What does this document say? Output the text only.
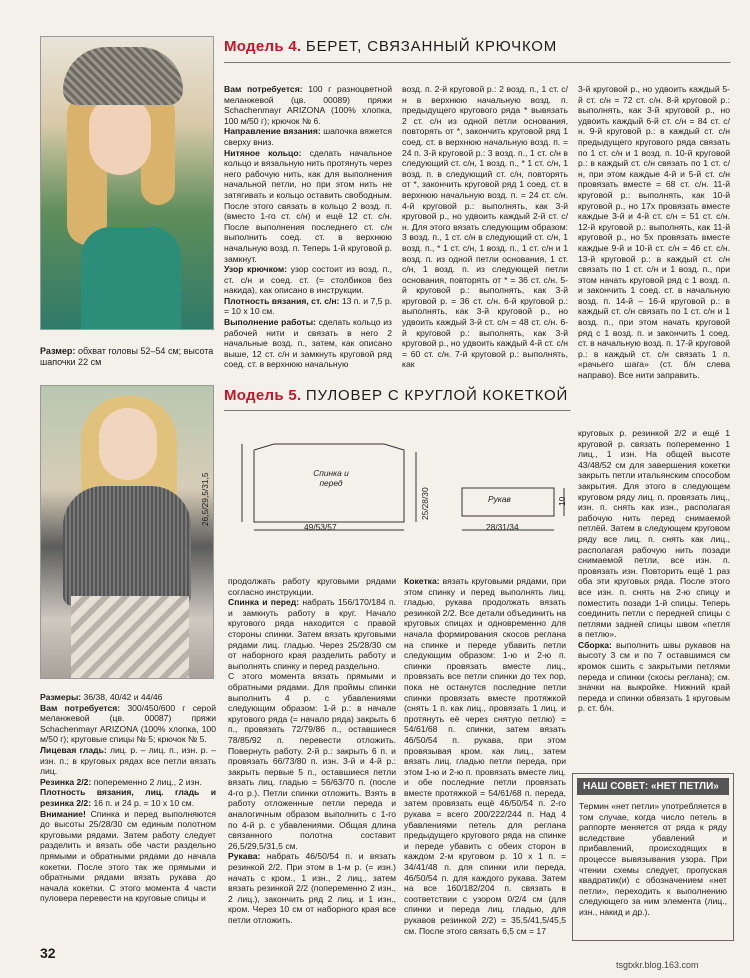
Размер: обхват головы 52–54 см; высота шапочки 22 см
Модель 4. БЕРЕТ, СВЯЗАННЫЙ КРЮЧКОМ

Вам потребуется: 100 г разноцветной меланжевой (цв. 00089) пряжи Schachenmayr ARIZONA (100% хлопка, 100 м/50 г); крючок № 6.

Направление вязания: шапочка вяжется сверху вниз.

Нитяное кольцо: сделать начальное кольцо и вязальную нить протянуть через него рабочую нить, как для выполнения начальной петли, но при этом нить не затягивать и кольцо оставить свободным. После этого связать в кольцо 2 возд. п. (вместо 1-го ст. с/н) и ещё 12 ст. с/н. После выполнения последнего ст. с/н выполнить соед. ст. в верхнюю начальную возд. п. Теперь 1-й круговой р. замкнут.

Узор крючком: узор состоит из возд. п., ст. с/н и соед. ст. (= столбиков без накида), как описано в инструкции.

Плотность вязания, ст. с/н: 13 п. и 7,5 р. = 10 x 10 см.

Выполнение работы: сделать кольцо из рабочей нити и связать в него 2 начальные возд. п., затем, как описано выше, 12 ст. с/н и замкнуть круговой ряд соед. ст. в верхнюю начальную

возд. п. 2-й круговой р.: 2 возд. п., 1 ст. с/н в верхнюю начальную возд. п. предыдущего кругового ряда * вывязать 2 ст. с/н из одной петли основания, повторять от *, закончить круговой ряд 1 соед. ст. в верхнюю начальную возд. п. = 24 п. 3-й круговой р.: 3 возд. п., 1 ст. с/н в следующий ст. с/н, 1 возд. п., * 1 ст. с/н, 1 возд. п. в следующий ст. с/н, повторять от *, закончить круговой ряд 1 соед. ст. в верхнюю начальную возд. п. = 24 ст. с/н. 4-й круговой р.: выполнять, как 3-й круговой р., но удвоить каждый 2-й ст. с/н. Для этого вязать следующим образом: 3 возд. п., 1 ст. с/н в следующий ст. с/н, 1 возд. п., * 1 ст. с/н, 1 возд. п., 1 ст. с/н и 1 возд. п. из одной петли основания, 1 ст. с/н, 1 возд. п. из следующей петли основания, повторять от * = 36 ст. с/н. 5-й круговой р.: выполнять, как 3-й круговой р. = 36 ст. с/н. 6-й круговой р.: выполнять, как 3-й круговой р., но удвоить каждый 3-й ст. с/н = 48 ст. с/н. 6-й круговой р.: выполнять, как 3-й круговой р., но удвоить каждый 4-й ст. с/н = 60 ст. с/н. 7-й круговой р.: выполнять, как

3-й круговой р., но удвоить каждый 5-й ст. с/н = 72 ст. с/н. 8-й круговой р.: выполнять, как 3-й круговой р., но удвоить каждый 6-й ст. с/н = 84 ст. с/н. 9-й круговой р.: в каждый ст. с/н предыдущего кругового ряда связать по 1 ст. с/н и 1 возд. п. 10-й круговой р.: в каждый ст. с/н связать по 1 ст. с/н, при этом каждые 4-й и 5-й ст. с/н провязать вместе = 68 ст. с/н. 11-й круговой р.: выполнять, как 10-й круговой р., но 17х провязать вместе каждые 3-й и 4-й ст. с/н = 51 ст. с/н. 12-й круговой р.: выполнять, как 11-й круговой р., но 5х провязать вместе каждые 9-й и 10-й ст. с/н = 46 ст. с/н. 13-й круговой р.: в каждый ст. с/н связать по 1 ст. с/н и 1 возд. п., при этом начать круговой ряд с 1 возд. п. и закончить 1 соед. ст. в начальную возд. п. 14-й – 16-й круговой р.: в каждый ст. с/н связать по 1 ст. с/н и 1 возд. п., при этом начать круговой ряд с 1 возд. п. и закончить 1 соед. ст. в начальную возд. п. 17-й круговой р.: в каждый ст. с/н связать 1 п. «рачьего шага» (ст. б/н слева направо). Все нити заправить.

Модель 5. ПУЛОВЕР С КРУГЛОЙ КОКЕТКОЙ
Спинка и перед
26,5/29,5/31,5	25/28/30
49/53/57
Рукав
28/31/34
10

Размеры: 36/38, 40/42 и 44/46

Вам потребуется: 300/450/600 г серой меланжевой (цв. 00087) пряжи Schachenmayr ARIZONA (100% хлопка, 100 м/50 г); круговые спицы № 5; крючок № 5.

Лицевая гладь: лиц. р. – лиц. п., изн. р. – изн. п.; в круговых рядах все петли вязать лиц.

Резинка 2/2: попеременно 2 лиц., 2 изн.

Плотность вязания, лиц. гладь и резинка 2/2: 16 п. и 24 р. = 10 x 10 см.

Внимание! Спинка и перед выполняются до высоты 25/28/30 см единым полотном круговыми рядами. Затем работу следует разделить и вязать обе части раздельно прямыми и обратными рядами до начала кокетки. После этого так же прямыми и обратными рядами вязать рукава до начала кокетки. С этого момента 4 части пуловера перевести на круговые спицы и

продолжать работу круговыми рядами согласно инструкции.

Спинка и перед: набрать 156/170/184 п. и замкнуть работу в круг. Начало кругового ряда находится с правой стороны спинки. Затем вязать круговыми рядами лиц. гладью. Через 25/28/30 см от наборного края разделить работу и выполнять спинку и перед раздельно.

С этого момента вязать прямыми и обратными рядами. Для проймы спинки выполнить 4 р. с убавлениями следующим образом: 1-й р.: в начале кругового ряда (= начало ряда) закрыть 6 п., провязать 72/79/86 п., оставшиеся 78/85/92 п. перевести отложить. Повернуть работу. 2-й р.: закрыть 6 п. и провязать 66/73/80 п. изн. 3-й и 4-й р.: закрыть первые 5 п., оставшиеся петли вязать лиц. гладью = 56/63/70 п. (после 4-го р.). Петли спинки отложить. Взять в работу отложенные петли переда и аналогичным образом выполнить с 1-го по 4-й р. с убавлениями. Общая длина связанного полотна составит 26,5/29,5/31,5 см.

Рукава: набрать 46/50/54 п. и вязать резинкой 2/2. При этом в 1-м р. (= изн.) начать с кром., 1 изн., 2 лиц., затем вязать резинкой 2/2 (попеременно 2 изн., 2 лиц.), закончить ряд 2 лиц. и 1 изн., кром. Через 10 см от наборного края все петли отложить.

Кокетка: вязать круговыми рядами, при этом спинку и перед выполнять лиц. гладью, рукава продолжать вязать резинкой 2/2. Все детали объединить на круговых спицах и одновременно для начала формирования скосов реглана на спинке и переде убавить петли следующим образом: 1-ю и 2-ю п. спинки провязать вместе лиц., провязать все петли спинки до тех пор, пока не останутся последние петли спинки провязать вместе протяжкой (снять 1 п. как лиц., провязать 1 лиц. и протянуть её через снятую петлю) = 54/61/68 п. спинки, затем вязать 46/50/54 п. рукава, при этом провязывая кром. как лиц., затем вязать лиц. гладью петли переда, при этом 1-ю и 2-ю п. провязать вместе лиц. и обе последние петли провязать вместе протяжкой = 54/61/68 п. переда, затем провязать ещё 46/50/54 п. 2-го рукава = всего 200/222/244 п. Над 4 убавлениями петель для реглана предыдущего кругового ряда на спинке и переде убавить с обеих сторон в каждом 2-м круговом р. 10 x 1 п. = 34/41/48 п. для спинки или переда, 46/50/54 п. для каждого рукава. Затем на все 160/182/204 п. связать в соответствии с узором 0/2/4 см (для спинки и переда лиц. гладью, для рукавов резинкой 2/2) = 35,5/41,5/45,5 см. После этого связать 6,5 см = 17

круговых р. резинкой 2/2 и ещё 1 круговой р. связать попеременно 1 лиц., 1 изн. На общей высоте 43/48/52 см для завершения кокетки закрыть петли итальянским способом закрытия. Для этого в следующем круговом ряду лиц. п. провязать лиц., изн. п. снять как изн., располагая рабочую нить перед снимаемой петлёй. Затем в следующем круговом ряду все лиц. п. снять как лиц., располагая рабочую нить позади снимаемой петли, все изн. п. провязать изн. Повторить ещё 1 раз оба эти круговых ряда. После этого все изн. п. снять на 2-ю спицу и поместить позади 1-й спицы. Теперь соединить петли с передней спицы с петлями задней спицы швом «петля в петлю».

Сборка: выполнить швы рукавов на высоту 3 см и по 7 оставшимся см кромок сшить с закрытыми петлями переда и спинки (скосы реглана); см. значки на выкройке. Нижний край переда и спинки обвязать 1 круговым р. ст. б/н.

НАШ СОВЕТ: «НЕТ ПЕТЛИ»
Термин «нет петли» употребляется в том случае, когда число петель в раппорте меняется от ряда к ряду вследствие убавлений и прибавлений, происходящих в процессе вывязывания узора. При чтении схемы следует, пропуская квадратик(и) с обозначением «нет петли», переходить к выполнению следующего за ним элемента (лиц., изн., накид и др.).
32
tsgtxkr.blog.163.com
